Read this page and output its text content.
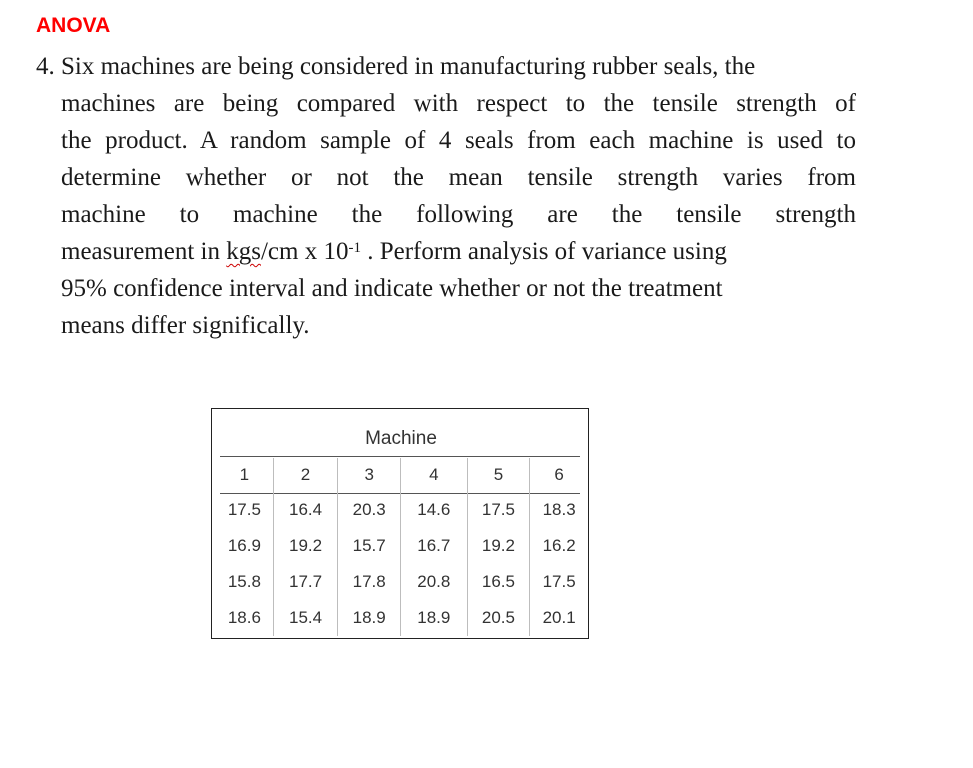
ANOVA
4. Six machines are being considered in manufacturing rubber seals, the
machines are being compared with respect to the tensile strength of
the product. A random sample of 4 seals from each machine is used to
determine whether or not the mean tensile strength varies from
machine to machine the following are the tensile strength
measurement in kgs/cm x $10^{-1}$ . Perform analysis of variance using
95% confidence interval and indicate whether or not the treatment
means differ significally.
Machine
1	2	3	4	5	6
17.5	16.4	20.3	14.6	17.5	18.3
16.9	19.2	15.7	16.7	19.2	16.2
15.8	17.7	17.8	20.8	16.5	17.5
18.6	15.4	18.9	18.9	20.5	20.1
